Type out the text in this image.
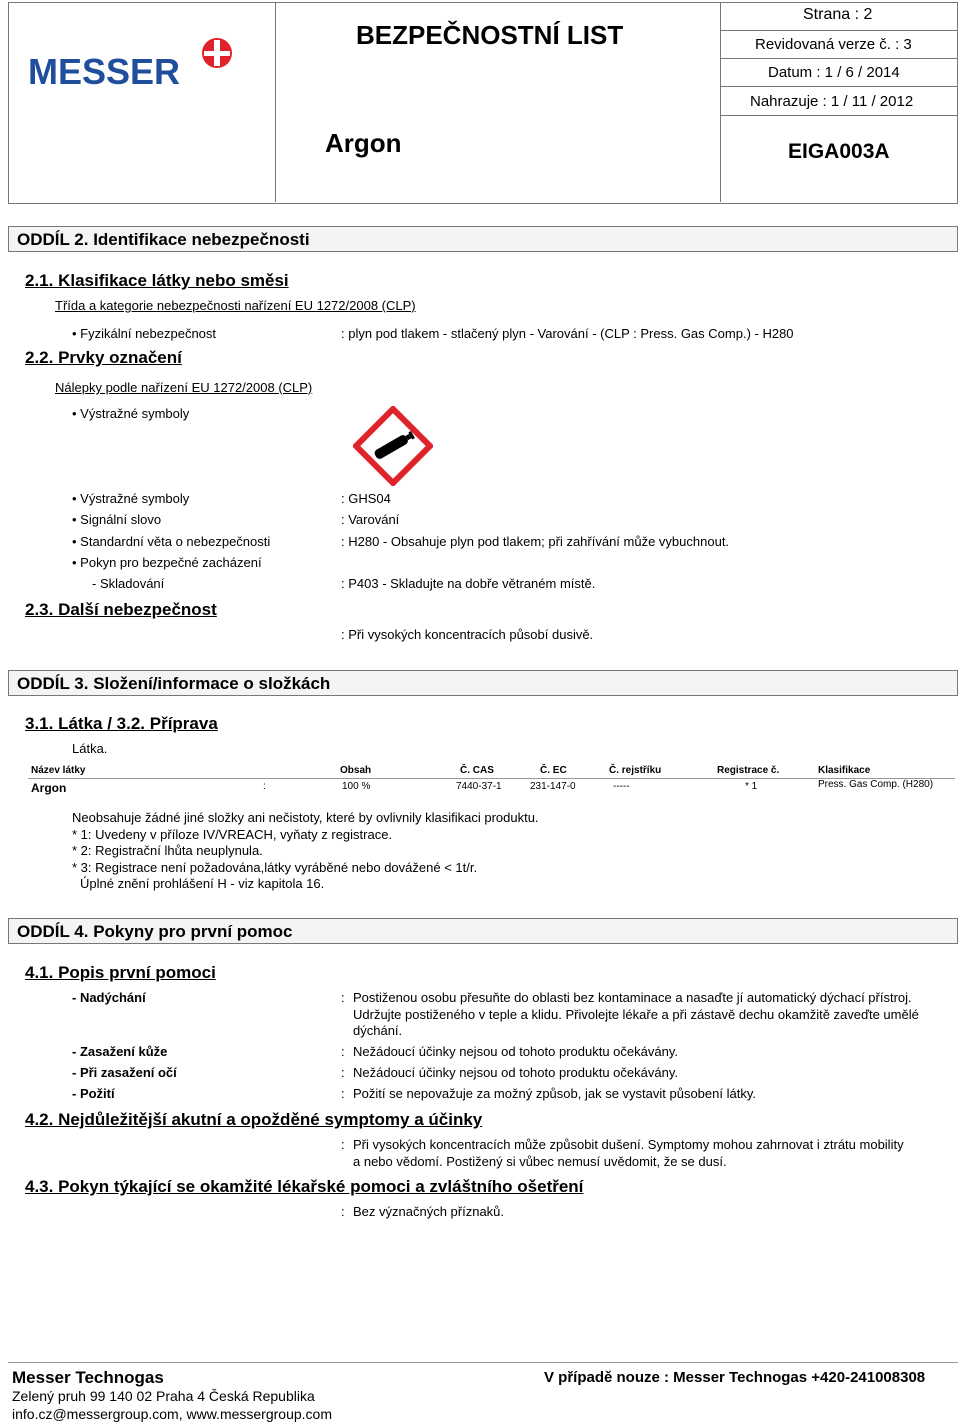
MESSER
BEZPEČNOSTNÍ LIST
Argon
Strana : 2
Revidovaná verze č. : 3
Datum : 1 / 6 / 2014
Nahrazuje : 1 / 11 / 2012
EIGA003A
ODDÍL 2. Identifikace nebezpečnosti
2.1. Klasifikace látky nebo směsi
Třída a kategorie nebezpečnosti nařízení EU 1272/2008 (CLP)
• Fyzikální nebezpečnost	: plyn pod tlakem - stlačený plyn - Varování - (CLP : Press. Gas Comp.) - H280
2.2. Prvky označení
Nálepky podle nařízení EU 1272/2008 (CLP)
• Výstražné symboly
• Výstražné symboly	: GHS04
• Signální slovo	: Varování
• Standardní věta o nebezpečnosti	: H280 - Obsahuje plyn pod tlakem; při zahřívání může vybuchnout.
• Pokyn pro bezpečné zacházení
- Skladování	: P403 - Skladujte na dobře větraném místě.
2.3. Další nebezpečnost
: Při vysokých koncentracích působí dusivě.
ODDÍL 3. Složení/informace o složkách
3.1. Látka / 3.2. Příprava
Látka.
Název látky	Obsah	Č. CAS	Č. EC	Č. rejstříku	Registrace č.	Klasifikace
Argon	:	100 %	7440-37-1	231-147-0	-----	* 1	Press. Gas Comp. (H280)
Neobsahuje žádné jiné složky ani nečistoty, které by ovlivnily klasifikaci produktu.
* 1: Uvedeny v příloze IV/VREACH, vyňaty z registrace.
* 2: Registrační lhůta neuplynula.
* 3: Registrace není požadována,látky vyráběné nebo dovážené < 1t/r.
Úplné znění prohlášení H - viz kapitola 16.
ODDÍL 4. Pokyny pro první pomoc
4.1. Popis první pomoci
- Nadýchání	: Postiženou osobu přesuňte do oblasti bez kontaminace a nasaďte jí automatický dýchací přístroj. Udržujte postiženého v teple a klidu. Přivolejte lékaře a při zástavě dechu okamžitě zaveďte umělé dýchání.
- Zasažení kůže	: Nežádoucí účinky nejsou od tohoto produktu očekávány.
- Při zasažení očí	: Nežádoucí účinky nejsou od tohoto produktu očekávány.
- Požití	: Požití se nepovažuje za možný způsob, jak se vystavit působení látky.
4.2. Nejdůležitější akutní a opožděné symptomy a účinky
: Při vysokých koncentracích může způsobit dušení. Symptomy mohou zahrnovat i ztrátu mobility a nebo vědomí. Postižený si vůbec nemusí uvědomit, že se dusí.
4.3. Pokyn týkající se okamžité lékařské pomoci a zvláštního ošetření
: Bez význačných příznaků.
Messer Technogas
Zelený pruh 99 140 02 Praha 4 Česká Republika
info.cz@messergroup.com, www.messergroup.com
V případě nouze : Messer Technogas +420-241008308
